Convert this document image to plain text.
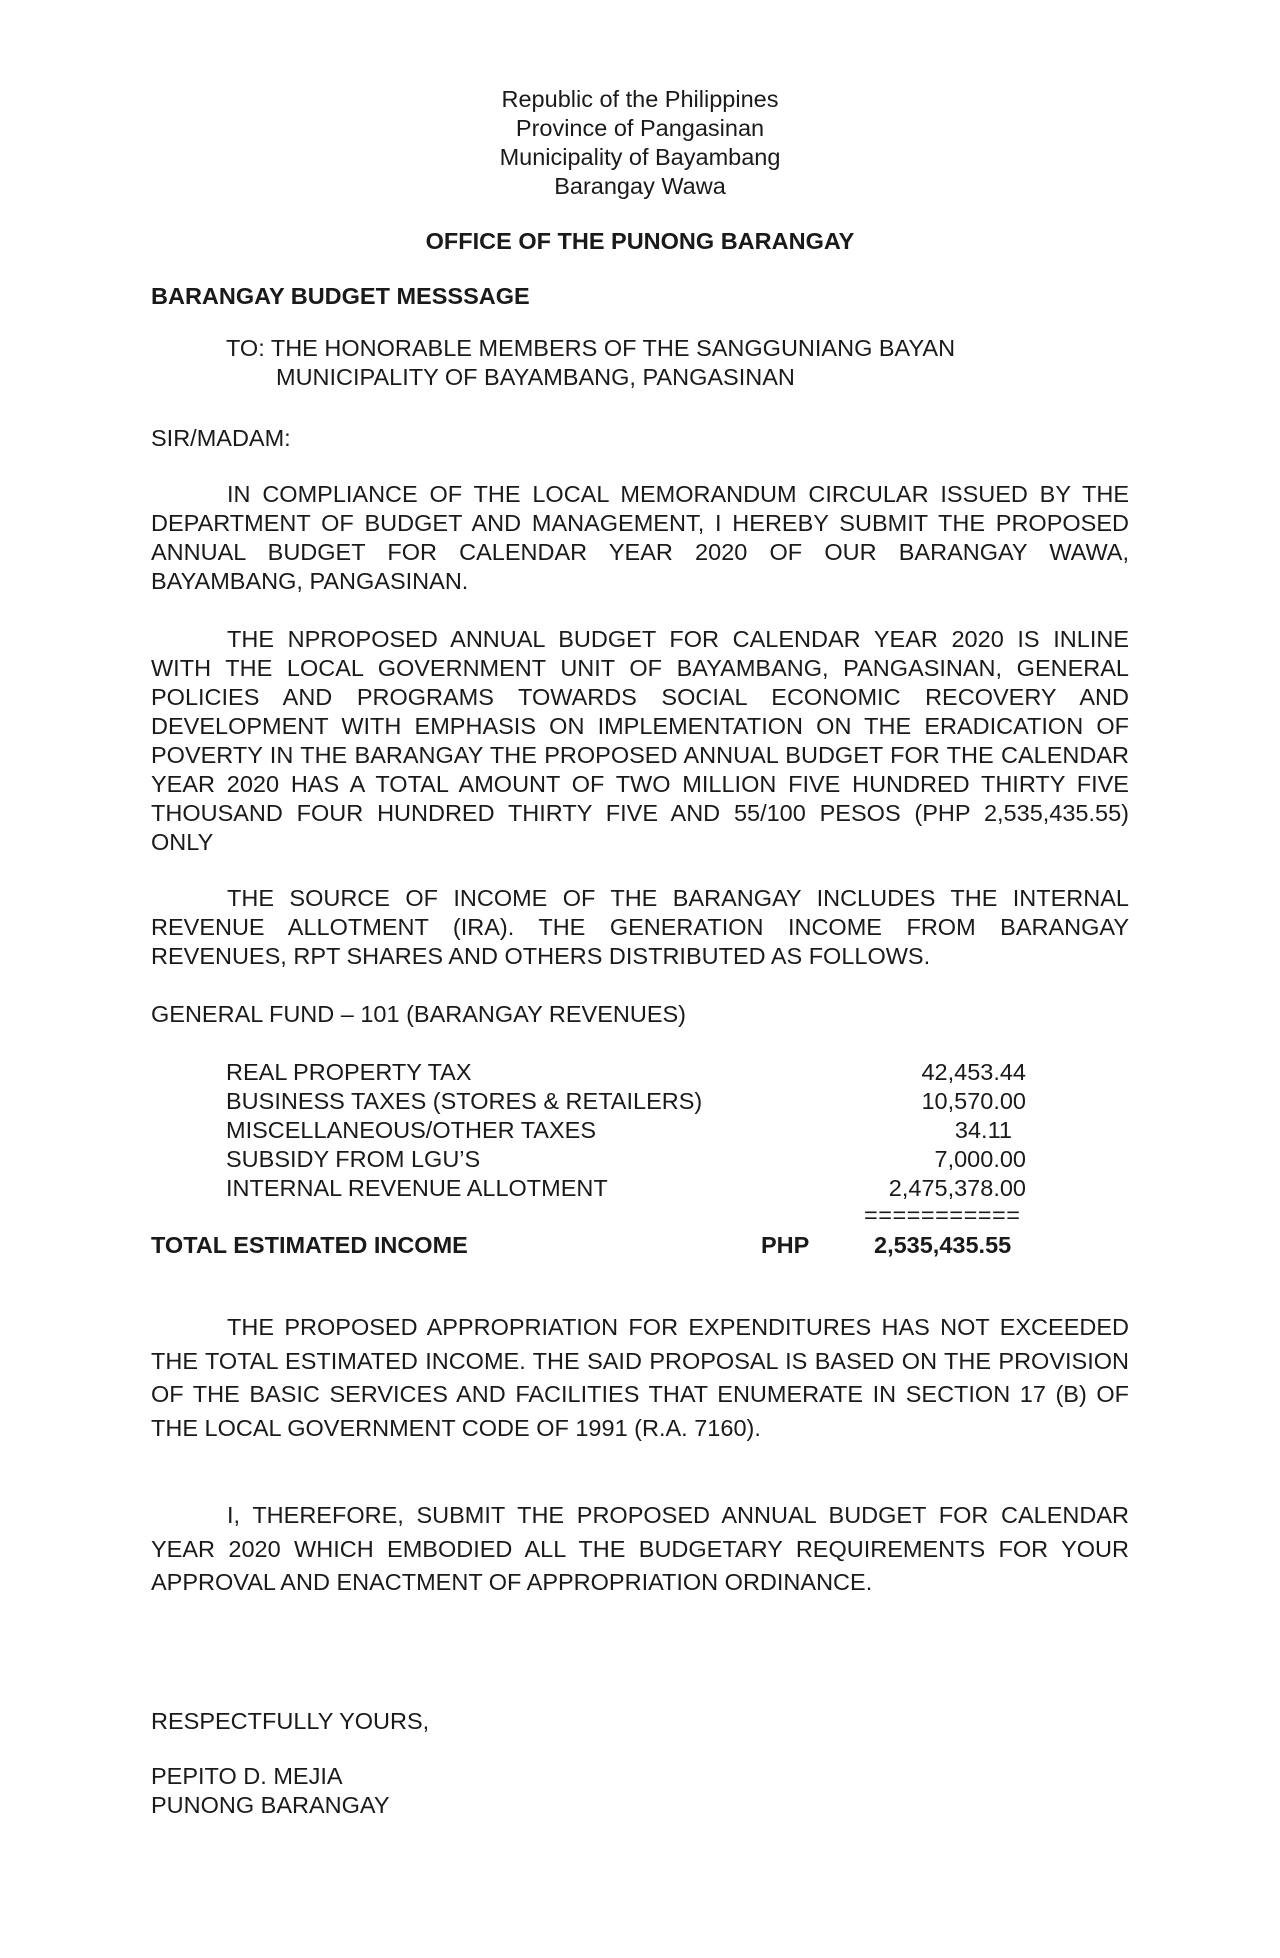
Republic of the Philippines
Province of Pangasinan
Municipality of Bayambang
Barangay Wawa
OFFICE OF THE PUNONG BARANGAY
BARANGAY BUDGET MESSSAGE
TO: THE HONORABLE MEMBERS OF THE SANGGUNIANG BAYAN
MUNICIPALITY OF BAYAMBANG, PANGASINAN
SIR/MADAM:
IN COMPLIANCE OF THE LOCAL MEMORANDUM CIRCULAR ISSUED BY THE DEPARTMENT OF BUDGET AND MANAGEMENT, I HEREBY SUBMIT THE PROPOSED ANNUAL BUDGET FOR CALENDAR YEAR 2020 OF OUR BARANGAY WAWA, BAYAMBANG, PANGASINAN.
THE NPROPOSED ANNUAL BUDGET FOR CALENDAR YEAR 2020 IS INLINE WITH THE LOCAL GOVERNMENT UNIT OF BAYAMBANG, PANGASINAN, GENERAL POLICIES AND PROGRAMS TOWARDS SOCIAL ECONOMIC RECOVERY AND DEVELOPMENT WITH EMPHASIS ON IMPLEMENTATION ON THE ERADICATION OF POVERTY IN THE BARANGAY THE PROPOSED ANNUAL BUDGET FOR THE CALENDAR YEAR 2020 HAS A TOTAL AMOUNT OF TWO MILLION FIVE HUNDRED THIRTY FIVE THOUSAND FOUR HUNDRED THIRTY FIVE AND 55/100 PESOS (PHP 2,535,435.55) ONLY
THE SOURCE OF INCOME OF THE BARANGAY INCLUDES THE INTERNAL REVENUE ALLOTMENT (IRA). THE GENERATION INCOME FROM BARANGAY REVENUES, RPT SHARES AND OTHERS DISTRIBUTED AS FOLLOWS.
GENERAL FUND – 101 (BARANGAY REVENUES)
REAL PROPERTY TAX	42,453.44
BUSINESS TAXES (STORES & RETAILERS)	10,570.00
MISCELLANEOUS/OTHER TAXES	34.11
SUBSIDY FROM LGU’S	7,000.00
INTERNAL REVENUE ALLOTMENT	2,475,378.00
===========
TOTAL ESTIMATED INCOME	PHP	2,535,435.55
THE PROPOSED APPROPRIATION FOR EXPENDITURES HAS NOT EXCEEDED THE TOTAL ESTIMATED INCOME. THE SAID PROPOSAL IS BASED ON THE PROVISION OF THE BASIC SERVICES AND FACILITIES THAT ENUMERATE IN SECTION 17 (B) OF THE LOCAL GOVERNMENT CODE OF 1991 (R.A. 7160).
I, THEREFORE, SUBMIT THE PROPOSED ANNUAL BUDGET FOR CALENDAR YEAR 2020 WHICH EMBODIED ALL THE BUDGETARY REQUIREMENTS FOR YOUR APPROVAL AND ENACTMENT OF APPROPRIATION ORDINANCE.
RESPECTFULLY YOURS,
PEPITO D. MEJIA
PUNONG BARANGAY
